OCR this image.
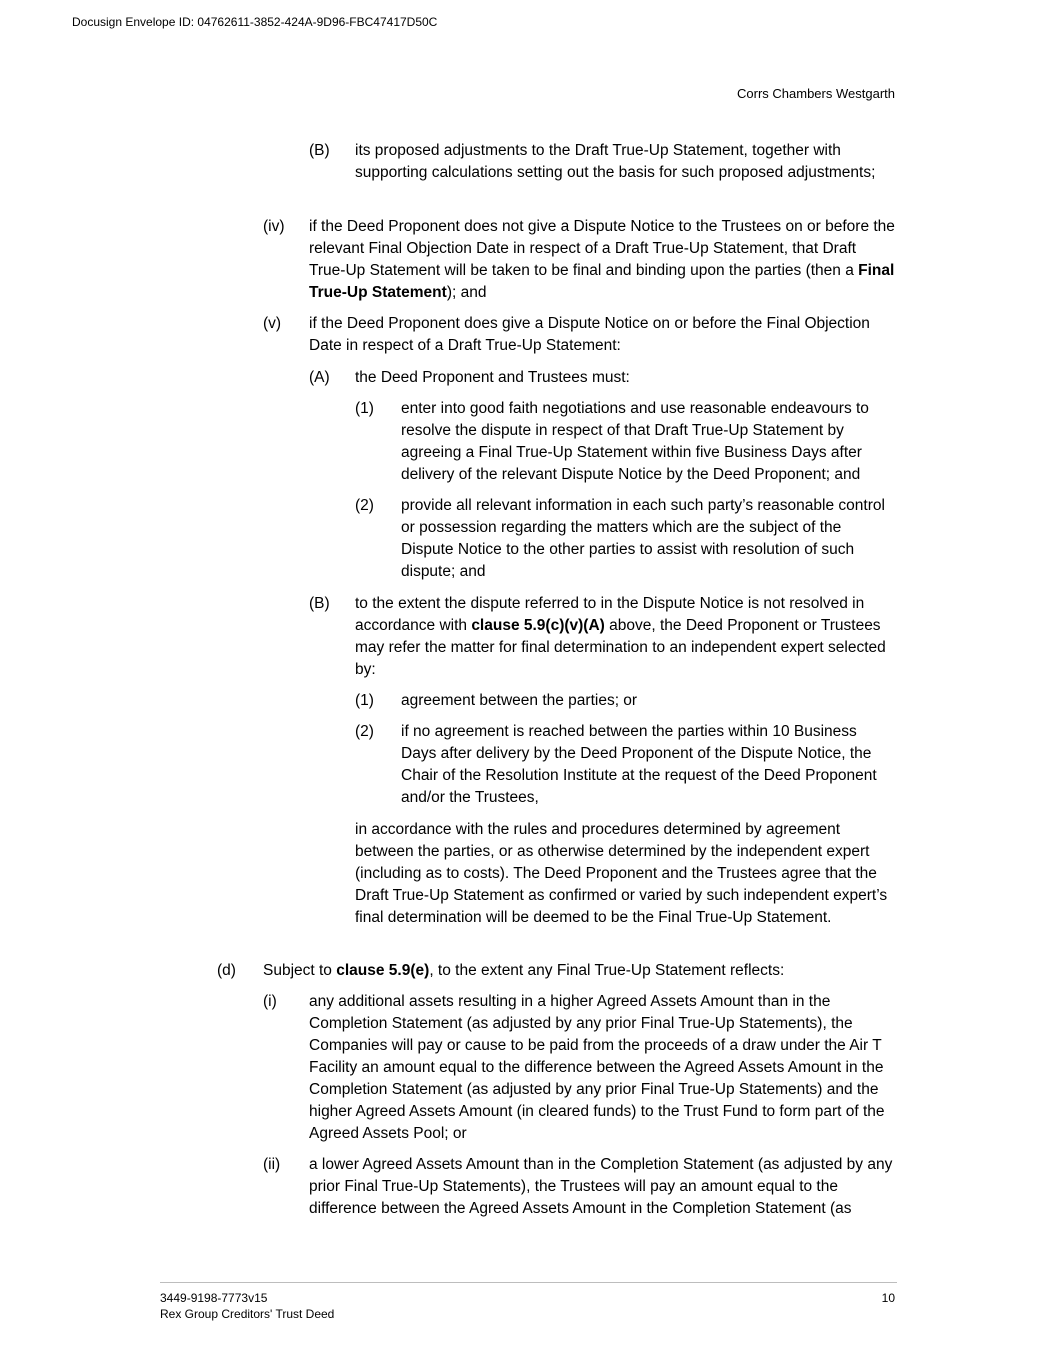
Docusign Envelope ID: 04762611-3852-424A-9D96-FBC47417D50C
Corrs Chambers Westgarth
(B) its proposed adjustments to the Draft True-Up Statement, together with supporting calculations setting out the basis for such proposed adjustments;
(iv) if the Deed Proponent does not give a Dispute Notice to the Trustees on or before the relevant Final Objection Date in respect of a Draft True-Up Statement, that Draft True-Up Statement will be taken to be final and binding upon the parties (then a Final True-Up Statement); and
(v) if the Deed Proponent does give a Dispute Notice on or before the Final Objection Date in respect of a Draft True-Up Statement:
(A) the Deed Proponent and Trustees must:
(1) enter into good faith negotiations and use reasonable endeavours to resolve the dispute in respect of that Draft True-Up Statement by agreeing a Final True-Up Statement within five Business Days after delivery of the relevant Dispute Notice by the Deed Proponent; and
(2) provide all relevant information in each such party’s reasonable control or possession regarding the matters which are the subject of the Dispute Notice to the other parties to assist with resolution of such dispute; and
(B) to the extent the dispute referred to in the Dispute Notice is not resolved in accordance with clause 5.9(c)(v)(A) above, the Deed Proponent or Trustees may refer the matter for final determination to an independent expert selected by:
(1) agreement between the parties; or
(2) if no agreement is reached between the parties within 10 Business Days after delivery by the Deed Proponent of the Dispute Notice, the Chair of the Resolution Institute at the request of the Deed Proponent and/or the Trustees,
in accordance with the rules and procedures determined by agreement between the parties, or as otherwise determined by the independent expert (including as to costs). The Deed Proponent and the Trustees agree that the Draft True-Up Statement as confirmed or varied by such independent expert’s final determination will be deemed to be the Final True-Up Statement.
(d) Subject to clause 5.9(e), to the extent any Final True-Up Statement reflects:
(i) any additional assets resulting in a higher Agreed Assets Amount than in the Completion Statement (as adjusted by any prior Final True-Up Statements), the Companies will pay or cause to be paid from the proceeds of a draw under the Air T Facility an amount equal to the difference between the Agreed Assets Amount in the Completion Statement (as adjusted by any prior Final True-Up Statements) and the higher Agreed Assets Amount (in cleared funds) to the Trust Fund to form part of the Agreed Assets Pool; or
(ii) a lower Agreed Assets Amount than in the Completion Statement (as adjusted by any prior Final True-Up Statements), the Trustees will pay an amount equal to the difference between the Agreed Assets Amount in the Completion Statement (as
3449-9198-7773v15
Rex Group Creditors' Trust Deed
10
